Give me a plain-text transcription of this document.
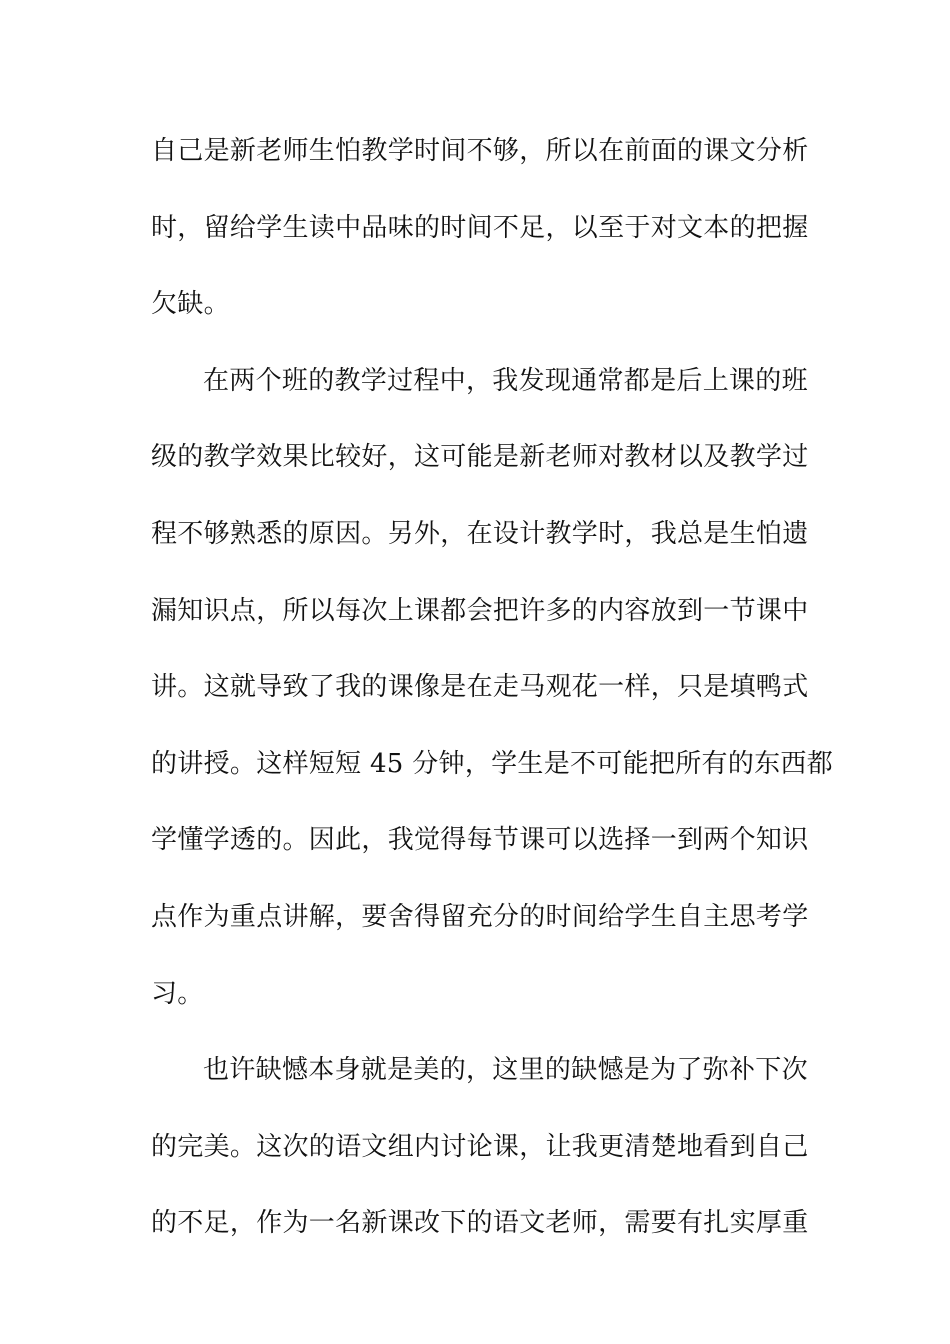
自己是新老师生怕教学时间不够，所以在前面的课文分析
时，留给学生读中品味的时间不足，以至于对文本的把握
欠缺。
在两个班的教学过程中，我发现通常都是后上课的班
级的教学效果比较好，这可能是新老师对教材以及教学过
程不够熟悉的原因。另外，在设计教学时，我总是生怕遗
漏知识点，所以每次上课都会把许多的内容放到一节课中
讲。这就导致了我的课像是在走马观花一样，只是填鸭式
的讲授。这样短短 45 分钟，学生是不可能把所有的东西都
学懂学透的。因此，我觉得每节课可以选择一到两个知识
点作为重点讲解，要舍得留充分的时间给学生自主思考学
习。
也许缺憾本身就是美的，这里的缺憾是为了弥补下次
的完美。这次的语文组内讨论课，让我更清楚地看到自己
的不足，作为一名新课改下的语文老师，需要有扎实厚重
